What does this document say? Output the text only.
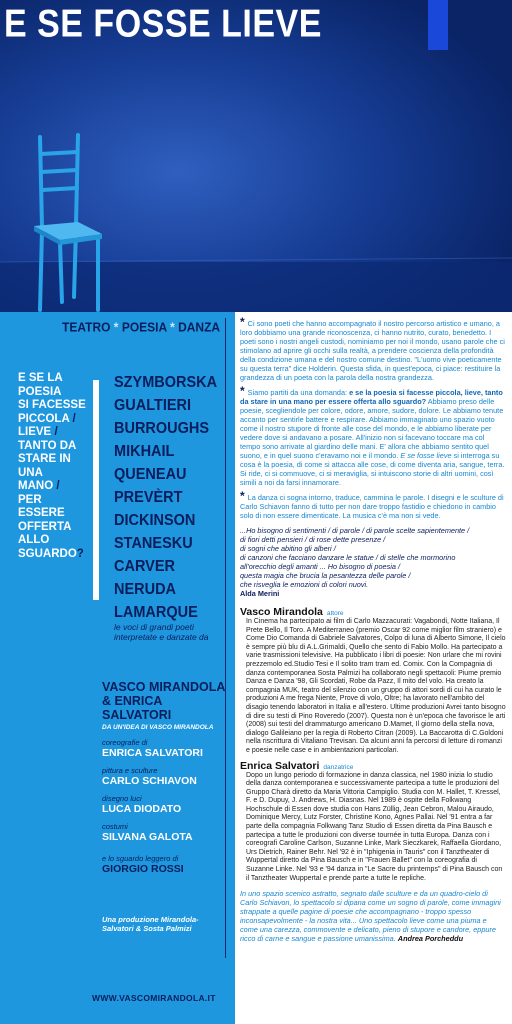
E SE FOSSE LIEVE
TEATRO * POESIA * DANZA
E SE LA POESIA
SI FACESSE
PICCOLA /
LIEVE /
TANTO DA
STARE IN UNA
MANO /
PER ESSERE
OFFERTA ALLO
SGUARDO?
SZYMBORSKA
GUALTIERI
BURROUGHS
MIKHAIL
QUENEAU
PREVÈRT
DICKINSON
STANESKU
CARVER
NERUDA
LAMARQUE
le voci di grandi poeti interpretate e danzate da
VASCO MIRANDOLA
& ENRICA SALVATORI
DA UN'IDEA DI VASCO MIRANDOLA
coreografie di
ENRICA SALVATORI
pittura e sculture
CARLO SCHIAVON
disegno luci
LUCA DIODATO
costumi
SILVANA GALOTA
e lo sguardo leggero di
GIORGIO ROSSI
Una produzione Mirandola-Salvatori & Sosta Palmizi
WWW.VASCOMIRANDOLA.IT
* Ci sono poeti che hanno accompagnato il nostro percorso artistico e umano, a loro dobbiamo una grande riconoscenza, ci hanno nutrito, curato, benedetto. I poeti sono i nostri angeli custodi, nominiamo per noi il mondo, usano parole che ci stimolano ad aprire gli occhi sulla realtà, a prendere coscienza della profondità della condizione umana e del nostro comune destino. "L'uomo vive poeticamente su questa terra" dice Holderin. Questa sfida, in quest'epoca, ci piace: restituire la grandezza di un poeta con la parola della nostra grandezza.
* Siamo partiti da una domanda: e se la poesia si facesse piccola, lieve, tanto da stare in una mano per essere offerta allo sguardo? Abbiamo preso delle poesie, scegliendole per colore, odore, amore, sudore, dolore. Le abbiamo tenute accanto per sentirle battere e respirare. Abbiamo immaginato uno spazio vuoto come il nostro stupore di fronte alle cose del mondo, e le abbiamo liberate per vedere dove si andavano a posare. All'inizio non si facevano toccare ma col tempo sono arrivate al giardino delle mani. E' allora che abbiamo sentito quel suono, e in quel suono c'eravamo noi e il mondo. E se fosse lieve si interroga su cosa è la poesia, di come si attacca alle cose, di come diventa aria, sangue, terra. Si ride, ci si commuove, ci si meraviglia, si intuiscono storie di altri uomini, così simili a noi da farsi innamorare.
* La danza ci sogna intorno, traduce, cammina le parole. I disegni e le sculture di Carlo Schiavon fanno di tutto per non dare troppo fastidio e chiedono in cambio solo di non essere dimenticate. La musica c'è ma non si vede.
...Ho bisogno di sentimenti / di parole / di parole scelte sapientemente /
di fiori detti pensieri / di rose dette presenze /
di sogni che abitino gli alberi /
di canzoni che facciano danzare le statue / di stelle che mormorino
all'orecchio degli amanti ... Ho bisogno di poesia /
questa magia che brucia la pesantezza delle parole /
che risveglia le emozioni di colori nuovi.
Alda Merini
Vasco Mirandola attore
In Cinema ha partecipato ai film di Carlo Mazzacurati: Vagabondi, Notte Italiana, Il Prete Bello, Il Toro. A Mediterraneo (premio Oscar 92 come miglior film straniero) e Come Dio Comanda di Gabriele Salvatores, Colpo di luna di Alberto Simone, Il cielo è sempre più blu di A.L.Grimaldi, Quello che sento di Fabio Mollo. Ha partecipato a varie trasmissioni televisive. Ha pubblicato i libri di poesie: Non urlare che mi rovini prezzemolo ed.Studio Tesi e Il solito tram tram ed. Comix. Con la Compagnia di danza contemporanea Sosta Palmizi ha collaborato negli spettacoli: Piume premio Danza e Danza '98, Gli Scordati, Robe da Pazz, Il mito del volo. Ha creato la compagnia MUK, teatro del silenzio con un gruppo di attori sordi di cui ha curato le produzioni A me frega Niente, Prove di volo, Oltre; ha lavorato nell'ambito del disagio tenendo laboratori in Italia e all'estero. Ultime produzioni Avrei tanto bisogno di dire su testi di Pino Roveredo (2007). Questa non è un'epoca che favorisce le arti (2008) sui testi del drammaturgo americano D.Mamet, Il giorno della stella nova, dialogo Galileiano per la regia di Roberto Citran (2009). La Baccarotta di C.Goldoni nella riscrittura di Vitaliano Trevisan. Da alcuni anni fa percorsi di letture di romanzi e poesie nelle case e in ambientazioni particolari.
Enrica Salvatori danzatrice
Dopo un lungo periodo di formazione in danza classica, nel 1980 inizia lo studio della danza contemporanea e successivamente partecipa a tutte le produzioni del Gruppo Charà diretto da Maria Vittoria Campiglio. Studia con M. Hallet, T. Kressel, F. e D. Dupuy, J. Andrews, H. Diasnas. Nel 1989 è ospite della Folkwang Hochschule di Essen dove studia con Hans Züllig, Jean Cebron, Malou Airaudo, Dominique Mercy, Lutz Forster, Christine Kono, Agnes Pallai. Nel '91 entra a far parte della compagnia Folkwang Tanz Studio di Essen diretta da Pina Bausch e partecipa a tutte le produzioni con diverse tournée in tutta Europa. Danza con i coreografi Caroline Carlson, Suzanne Linke, Mark Sieczkarek, Raffaella Giordano, Urs Dietrich, Rainer Behr. Nel '92 è in "Iphigenia in Tauris" con il Tanztheater di Wuppertal diretto da Pina Bausch e in "Frauen Ballet" con la coreografia di Suzanne Linke. Nel '93 e '94 danza in "Le Sacre du printemps" di Pina Bausch con il Tanztheater Wuppertal e prende parte a tutte le repliche.
In uno spazio scenico astratto, segnato dalle sculture e da un quadro-cielo di Carlo Schiavon, lo spettacolo si dipana come un sogno di parole, come immagini strappate a quelle pagine di poesie che accompagnano - troppo spesso inconsapevolmente - la nostra vita... Uno spettacolo lieve come una piuma e come una carezza, commovente e delicato, pieno di stupore e candore, eppure ricco di carne e sangue e passione umanissima. Andrea Porcheddu
